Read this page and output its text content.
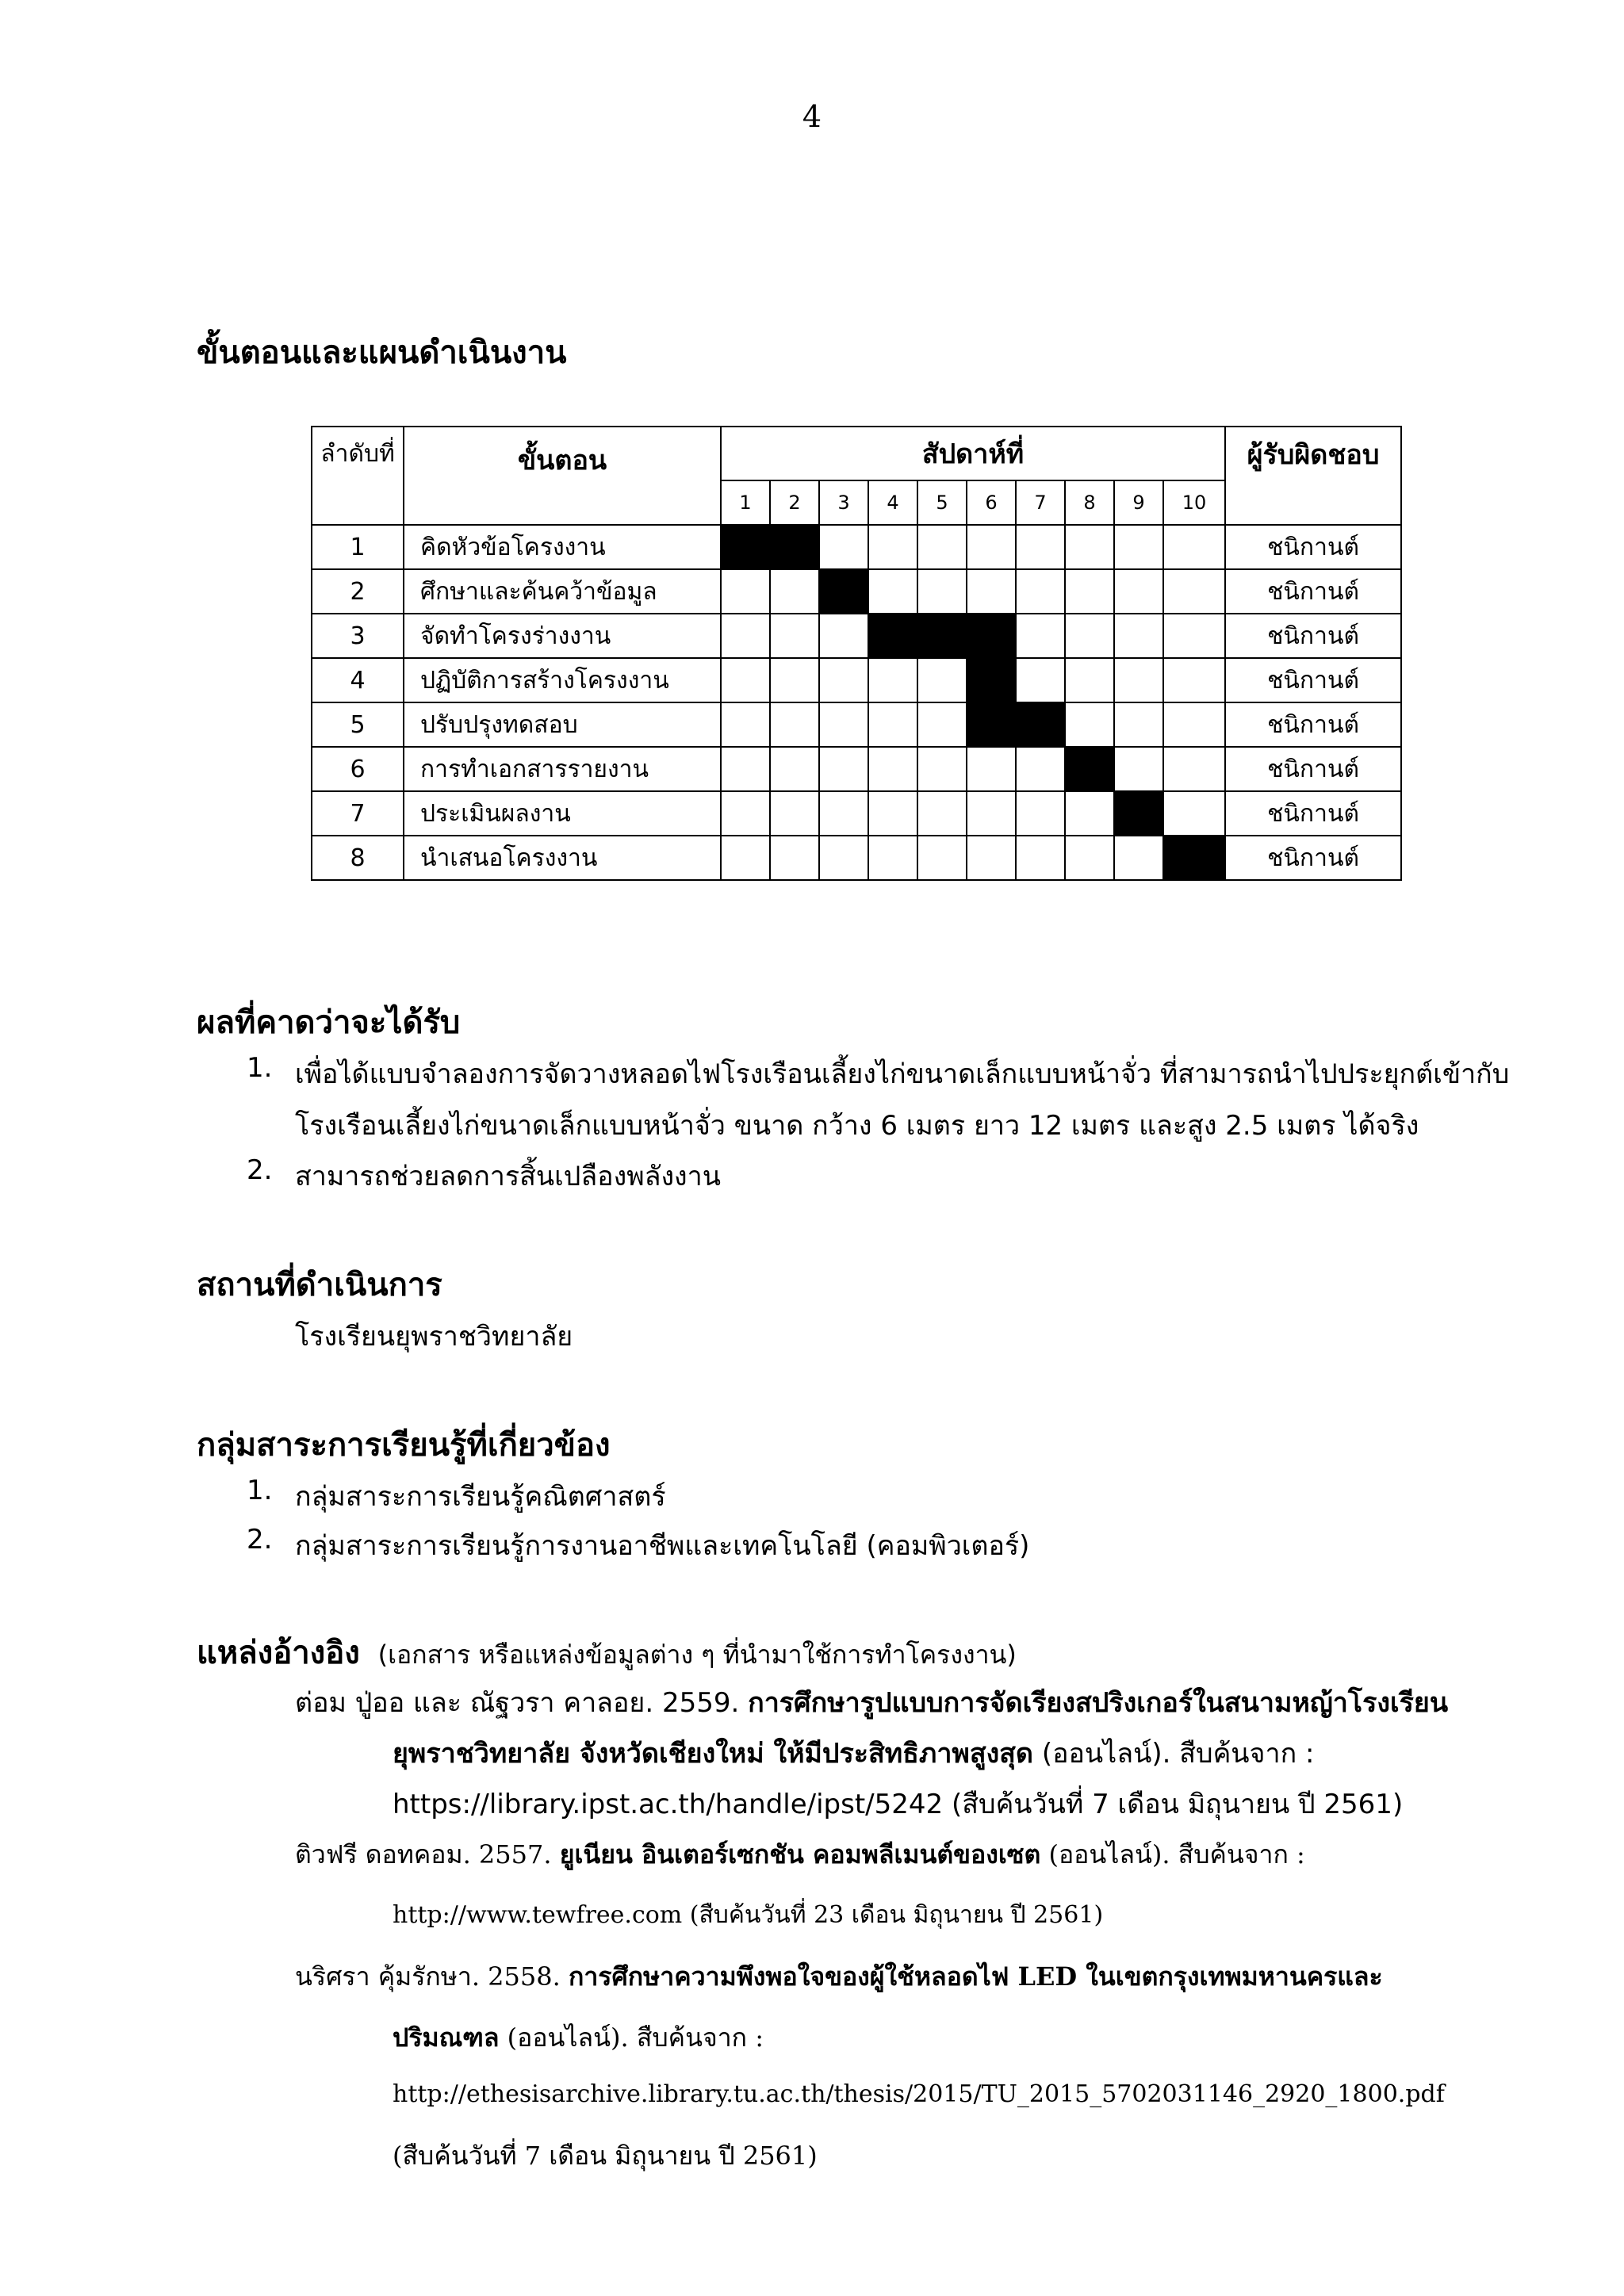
4
ขั้นตอนและแผนดำเนินงาน
ลำดับที่	ขั้นตอน	สัปดาห์ที่										ผู้รับผิดชอบ
		1	2	3	4	5	6	7	8	9	10	
1	คิดหัวข้อโครงงาน											ชนิกานต์
2	ศึกษาและค้นคว้าข้อมูล											ชนิกานต์
3	จัดทำโครงร่างงาน											ชนิกานต์
4	ปฏิบัติการสร้างโครงงาน											ชนิกานต์
5	ปรับปรุงทดสอบ											ชนิกานต์
6	การทำเอกสารรายงาน											ชนิกานต์
7	ประเมินผลงาน											ชนิกานต์
8	นำเสนอโครงงาน											ชนิกานต์
ผลที่คาดว่าจะได้รับ
1. เพื่อได้แบบจำลองการจัดวางหลอดไฟโรงเรือนเลี้ยงไก่ขนาดเล็กแบบหน้าจั่ว ที่สามารถนำไปประยุกต์เข้ากับ
โรงเรือนเลี้ยงไก่ขนาดเล็กแบบหน้าจั่ว ขนาด กว้าง 6 เมตร ยาว 12 เมตร และสูง 2.5 เมตร ได้จริง
2. สามารถช่วยลดการสิ้นเปลืองพลังงาน
สถานที่ดำเนินการ
โรงเรียนยุพราชวิทยาลัย
กลุ่มสาระการเรียนรู้ที่เกี่ยวข้อง
1. กลุ่มสาระการเรียนรู้คณิตศาสตร์
2. กลุ่มสาระการเรียนรู้การงานอาชีพและเทคโนโลยี (คอมพิวเตอร์)
แหล่งอ้างอิง (เอกสาร หรือแหล่งข้อมูลต่าง ๆ ที่นำมาใช้การทำโครงงาน)
ต่อม ปู่ออ และ ณัฐวรา คาลอย. 2559. การศึกษารูปแบบการจัดเรียงสปริงเกอร์ในสนามหญ้าโรงเรียน
ยุพราชวิทยาลัย จังหวัดเชียงใหม่ ให้มีประสิทธิภาพสูงสุด (ออนไลน์). สืบค้นจาก :
https://library.ipst.ac.th/handle/ipst/5242 (สืบค้นวันที่ 7 เดือน มิถุนายน ปี 2561)
ติวฟรี ดอทคอม. 2557. ยูเนียน อินเตอร์เซกชัน คอมพลีเมนต์ของเซต (ออนไลน์). สืบค้นจาก :
http://www.tewfree.com (สืบค้นวันที่ 23 เดือน มิถุนายน ปี 2561)
นริศรา คุ้มรักษา. 2558. การศึกษาความพึงพอใจของผู้ใช้หลอดไฟ LED ในเขตกรุงเทพมหานครและ
ปริมณฑล (ออนไลน์). สืบค้นจาก :
http://ethesisarchive.library.tu.ac.th/thesis/2015/TU_2015_5702031146_2920_1800.pdf
(สืบค้นวันที่ 7 เดือน มิถุนายน ปี 2561)
